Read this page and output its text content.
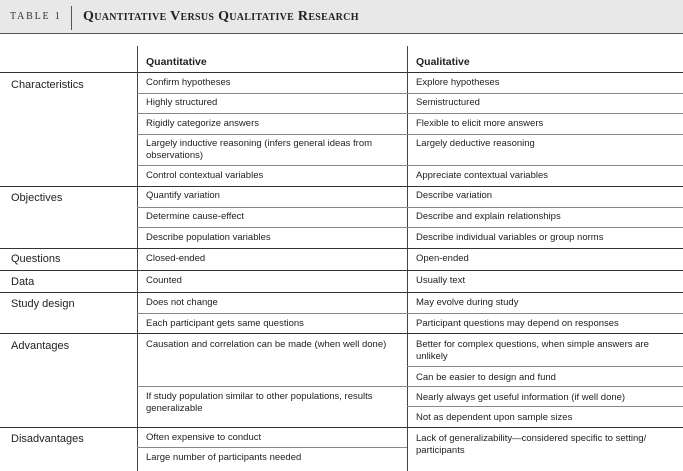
TABLE 1 Quantitative Versus Qualitative Research
Quantitative	Qualitative
Characteristics
Objectives
Questions
Data
Study design
Advantages
Disadvantages
Confirm hypotheses
Highly structured
Rigidly categorize answers
Largely inductive reasoning (infers general ideas from observations)
Control contextual variables
Quantify variation
Determine cause-effect
Describe population variables
Closed-ended
Counted
Does not change
Each participant gets same questions
Causation and correlation can be made (when well done)
If study population similar to other populations, results generalizable
Often expensive to conduct
Large number of participants needed
Explore hypotheses
Semistructured
Flexible to elicit more answers
Largely deductive reasoning
Appreciate contextual variables
Describe variation
Describe and explain relationships
Describe individual variables or group norms
Open-ended
Usually text
May evolve during study
Participant questions may depend on responses
Better for complex questions, when simple answers are unlikely
Can be easier to design and fund
Nearly always get useful information (if well done)
Not as dependent upon sample sizes
Lack of generalizability—considered specific to setting/ participants
